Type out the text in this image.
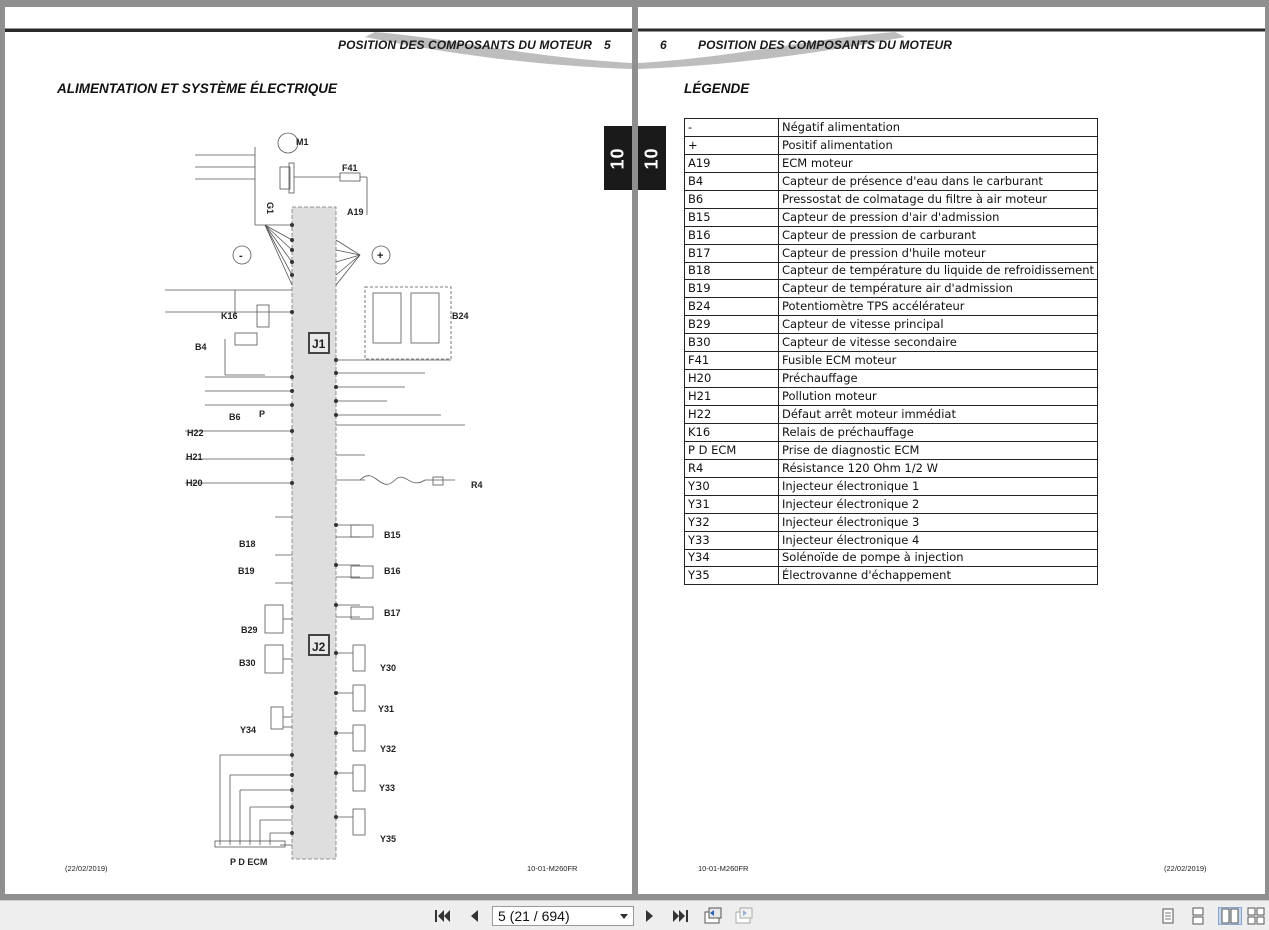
POSITION DES COMPOSANTS DU MOTEUR 5
ALIMENTATION ET SYSTÈME ÉLECTRIQUE
10
M1
G1
F41
A19
-	+
K16	B24
J1
B4
B6 P
H22
H21
H20	R4
B15
B18
B19	B16
B17
B29
J2
B30	Y30
Y31
Y34
Y32
Y33
Y35
P D ECM
(22/02/2019)	10-01-M260FR
6	POSITION DES COMPOSANTS DU MOTEUR
LÉGENDE
10
-	Négatif alimentation
+	Positif alimentation
A19	ECM moteur
B4	Capteur de présence d'eau dans le carburant
B6	Pressostat de colmatage du filtre à air moteur
B15	Capteur de pression d'air d'admission
B16	Capteur de pression de carburant
B17	Capteur de pression d'huile moteur
B18	Capteur de température du liquide de refroidissement
B19	Capteur de température air d'admission
B24	Potentiomètre TPS accélérateur
B29	Capteur de vitesse principal
B30	Capteur de vitesse secondaire
F41	Fusible ECM moteur
H20	Préchauffage
H21	Pollution moteur
H22	Défaut arrêt moteur immédiat
K16	Relais de préchauffage
P D ECM	Prise de diagnostic ECM
R4	Résistance 120 Ohm 1/2 W
Y30	Injecteur électronique 1
Y31	Injecteur électronique 2
Y32	Injecteur électronique 3
Y33	Injecteur électronique 4
Y34	Solénoïde de pompe à injection
Y35	Électrovanne d'échappement
10-01-M260FR	(22/02/2019)
5 (21 / 694)
